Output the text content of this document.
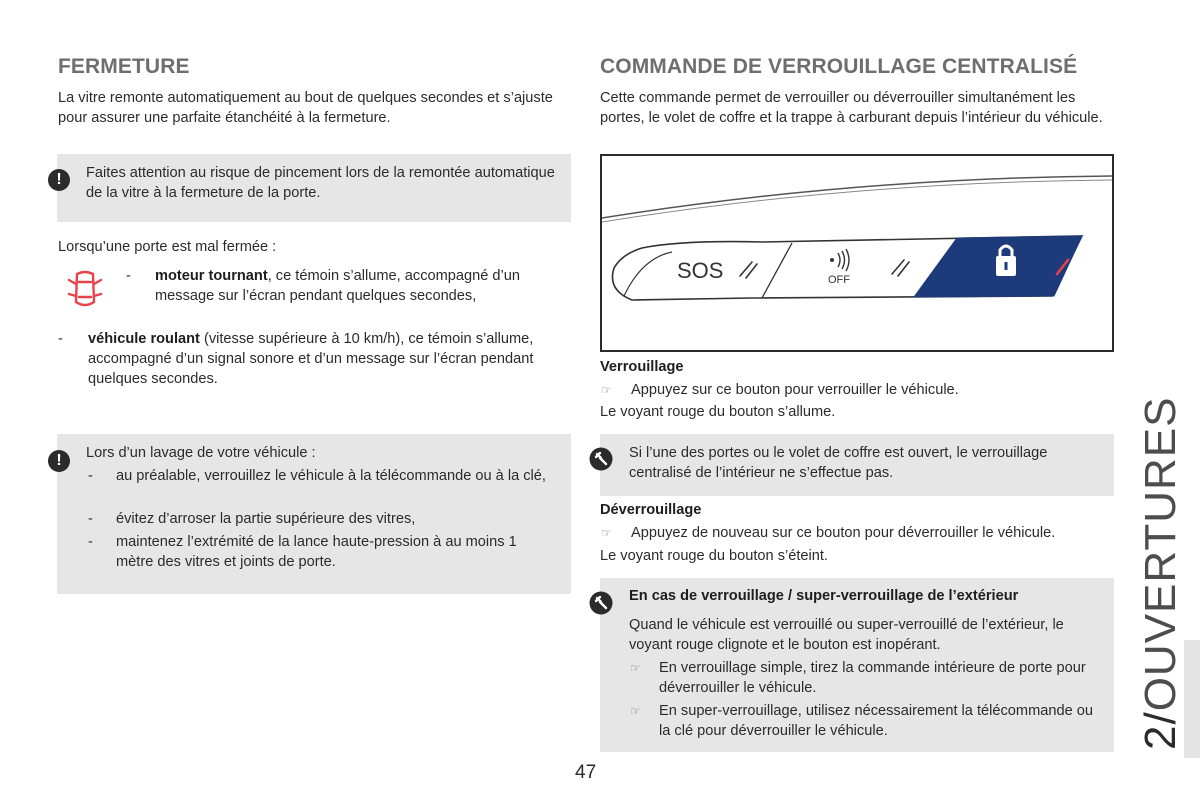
FERMETURE

La vitre remonte automatiquement au bout de quelques secondes et s’ajuste pour assurer une parfaite étanchéité à la fermeture.

!	Faites attention au risque de pincement lors de la remontée automatique de la vitre à la fermeture de la porte.

Lorsqu’une porte est mal fermée :

- moteur tournant, ce témoin s’allume, accompagné d’un message sur l’écran pendant quelques secondes,

- véhicule roulant (vitesse supérieure à 10 km/h), ce témoin s’allume, accompagné d’un signal sonore et d’un message sur l’écran pendant quelques secondes.

!	Lors d’un lavage de votre véhicule :

- au préalable, verrouillez le véhicule à la télécommande ou à la clé,

- évitez d’arroser la partie supérieure des vitres,

- maintenez l’extrémité de la lance haute-pression à au moins 1 mètre des vitres et joints de porte.

COMMANDE DE VERROUILLAGE CENTRALISÉ

Cette commande permet de verrouiller ou déverrouiller simultanément les portes, le volet de coffre et la trappe à carburant depuis l’intérieur du véhicule.

SOS	OFF

Verrouillage

☞ Appuyez sur ce bouton pour verrouiller le véhicule.

Le voyant rouge du bouton s’allume.

Si l’une des portes ou le volet de coffre est ouvert, le verrouillage centralisé de l’intérieur ne s’effectue pas.

Déverrouillage

☞ Appuyez de nouveau sur ce bouton pour déverrouiller le véhicule.

Le voyant rouge du bouton s’éteint.

En cas de verrouillage / super-verrouillage de l’extérieur

Quand le véhicule est verrouillé ou super-verrouillé de l’extérieur, le voyant rouge clignote et le bouton est inopérant.

☞ En verrouillage simple, tirez la commande intérieure de porte pour déverrouiller le véhicule.

☞ En super-verrouillage, utilisez nécessairement la télécommande ou la clé pour déverrouiller le véhicule.

47

2/OUVERTURES
